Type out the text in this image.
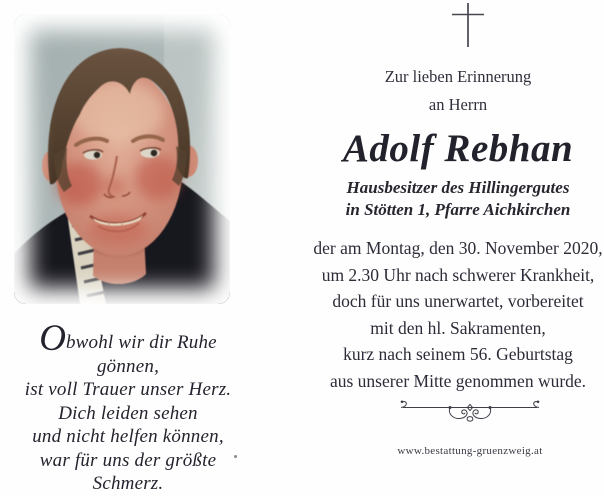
Obwohl wir dir Ruhe gönnen,
ist voll Trauer unser Herz.
Dich leiden sehen
und nicht helfen können,
war für uns der größte Schmerz.
Zur lieben Erinnerung
an Herrn
Adolf Rebhan
Hausbesitzer des Hillingergutes
in Stötten 1, Pfarre Aichkirchen
der am Montag, den 30. November 2020,
um 2.30 Uhr nach schwerer Krankheit,
doch für uns unerwartet, vorbereitet
mit den hl. Sakramenten,
kurz nach seinem 56. Geburtstag
aus unserer Mitte genommen wurde.
www.bestattung-gruenzweig.at
